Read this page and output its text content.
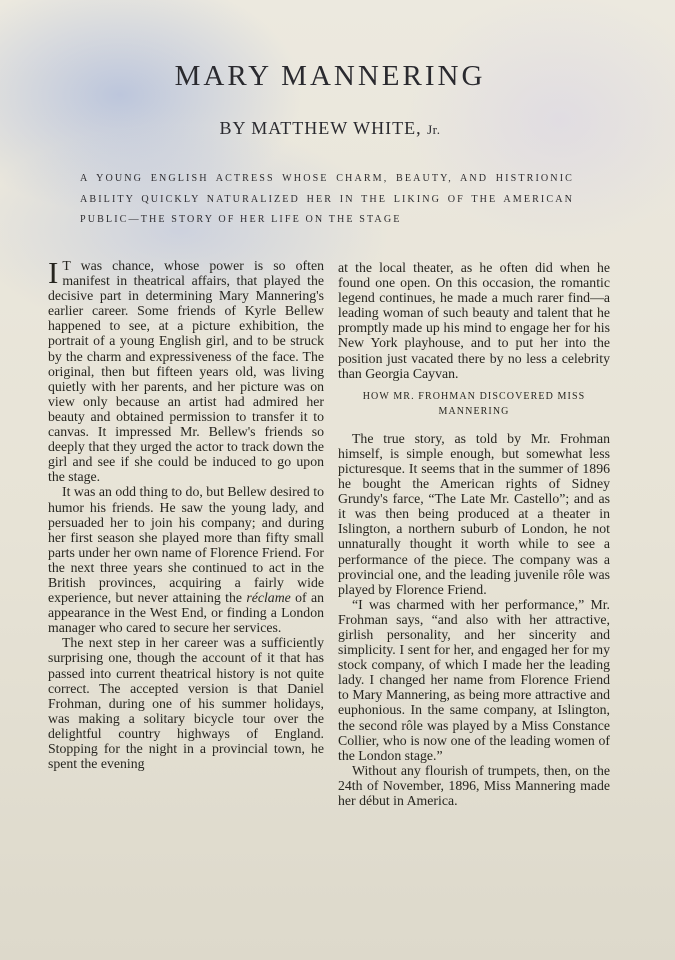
MARY MANNERING
BY MATTHEW WHITE, Jr.
A YOUNG ENGLISH ACTRESS WHOSE CHARM, BEAUTY, AND HISTRIONIC ABILITY QUICKLY NATURALIZED HER IN THE LIKING OF THE AMERICAN PUBLIC—THE STORY OF HER LIFE ON THE STAGE

I T was chance, whose power is so often manifest in theatrical affairs, that played the decisive part in determining Mary Mannering's earlier career. Some friends of Kyrle Bellew happened to see, at a picture exhibition, the portrait of a young English girl, and to be struck by the charm and expressiveness of the face. The original, then but fifteen years old, was living quietly with her parents, and her picture was on view only because an artist had admired her beauty and obtained permission to transfer it to canvas. It impressed Mr. Bellew's friends so deeply that they urged the actor to track down the girl and see if she could be induced to go upon the stage.

It was an odd thing to do, but Bellew desired to humor his friends. He saw the young lady, and persuaded her to join his company; and during her first season she played more than fifty small parts under her own name of Florence Friend. For the next three years she continued to act in the British provinces, acquiring a fairly wide experience, but never attaining the réclame of an appearance in the West End, or finding a London manager who cared to secure her services.

The next step in her career was a sufficiently surprising one, though the account of it that has passed into current theatrical history is not quite correct. The accepted version is that Daniel Frohman, during one of his summer holidays, was making a solitary bicycle tour over the delightful country highways of England. Stopping for the night in a provincial town, he spent the evening

at the local theater, as he often did when he found one open. On this occasion, the romantic legend continues, he made a much rarer find—a leading woman of such beauty and talent that he promptly made up his mind to engage her for his New York playhouse, and to put her into the position just vacated there by no less a celebrity than Georgia Cayvan.

HOW MR. FROHMAN DISCOVERED MISS MANNERING

The true story, as told by Mr. Frohman himself, is simple enough, but somewhat less picturesque. It seems that in the summer of 1896 he bought the American rights of Sidney Grundy's farce, “The Late Mr. Castello”; and as it was then being produced at a theater in Islington, a northern suburb of London, he not unnaturally thought it worth while to see a performance of the piece. The company was a provincial one, and the leading juvenile rôle was played by Florence Friend.

“I was charmed with her performance,” Mr. Frohman says, “and also with her attractive, girlish personality, and her sincerity and simplicity. I sent for her, and engaged her for my stock company, of which I made her the leading lady. I changed her name from Florence Friend to Mary Mannering, as being more attractive and euphonious. In the same company, at Islington, the second rôle was played by a Miss Constance Collier, who is now one of the leading women of the London stage.”

Without any flourish of trumpets, then, on the 24th of November, 1896, Miss Mannering made her début in America.
